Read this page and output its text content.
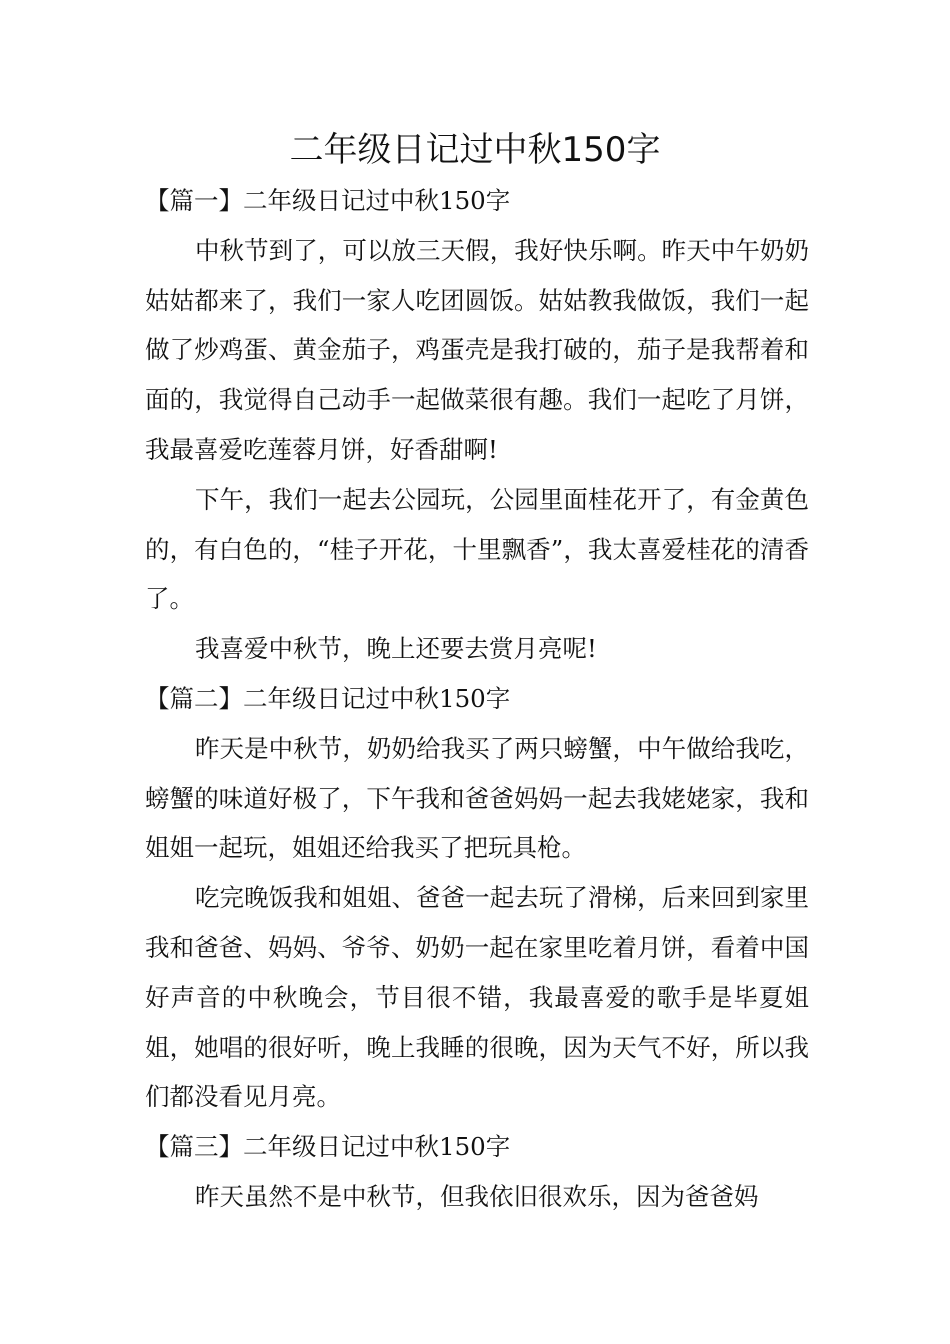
二年级日记过中秋150字

【篇一】二年级日记过中秋150字

中秋节到了，可以放三天假，我好快乐啊。昨天中午奶奶姑姑都来了，我们一家人吃团圆饭。姑姑教我做饭，我们一起做了炒鸡蛋、黄金茄子，鸡蛋壳是我打破的，茄子是我帮着和面的，我觉得自己动手一起做菜很有趣。我们一起吃了月饼，我最喜爱吃莲蓉月饼，好香甜啊!

下午，我们一起去公园玩，公园里面桂花开了，有金黄色的，有白色的，“桂子开花，十里飘香”，我太喜爱桂花的清香了。

我喜爱中秋节，晚上还要去赏月亮呢!

【篇二】二年级日记过中秋150字

昨天是中秋节，奶奶给我买了两只螃蟹，中午做给我吃，螃蟹的味道好极了，下午我和爸爸妈妈一起去我姥姥家，我和姐姐一起玩，姐姐还给我买了把玩具枪。

吃完晚饭我和姐姐、爸爸一起去玩了滑梯，后来回到家里我和爸爸、妈妈、爷爷、奶奶一起在家里吃着月饼，看着中国好声音的中秋晚会，节目很不错，我最喜爱的歌手是毕夏姐姐，她唱的很好听，晚上我睡的很晚，因为天气不好，所以我们都没看见月亮。

【篇三】二年级日记过中秋150字

昨天虽然不是中秋节，但我依旧很欢乐，因为爸爸妈
